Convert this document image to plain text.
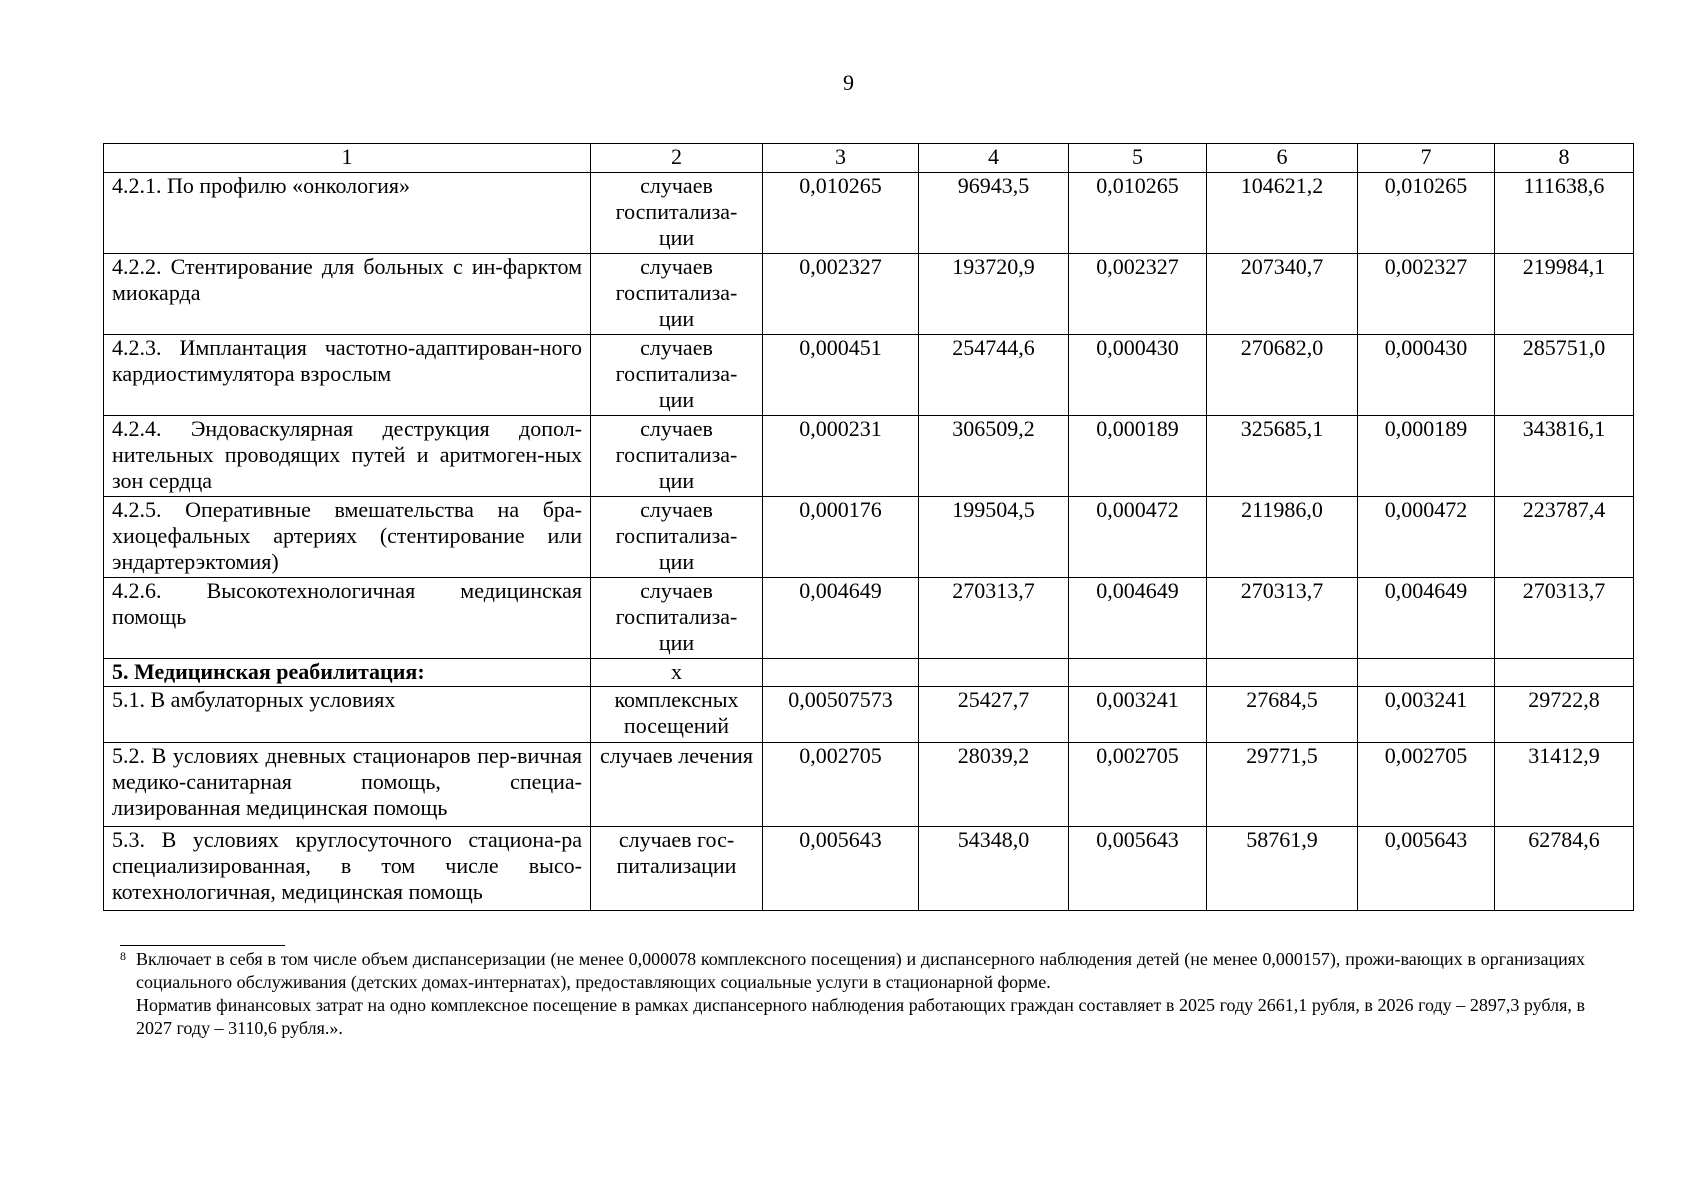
9
1	2	3	4	5	6	7	8
4.2.1. По профилю «онкология»	случаев госпитализа-ции	0,010265	96943,5	0,010265	104621,2	0,010265	111638,6
4.2.2. Стентирование для больных с ин-фарктом миокарда	случаев госпитализа-ции	0,002327	193720,9	0,002327	207340,7	0,002327	219984,1
4.2.3. Имплантация частотно-адаптирован-ного кардиостимулятора взрослым	случаев госпитализа-ции	0,000451	254744,6	0,000430	270682,0	0,000430	285751,0
4.2.4. Эндоваскулярная деструкция допол-нительных проводящих путей и аритмоген-ных зон сердца	случаев госпитализа-ции	0,000231	306509,2	0,000189	325685,1	0,000189	343816,1
4.2.5. Оперативные вмешательства на бра-хиоцефальных артериях (стентирование или эндартерэктомия)	случаев госпитализа-ции	0,000176	199504,5	0,000472	211986,0	0,000472	223787,4
4.2.6. Высокотехнологичная медицинская помощь	случаев госпитализа-ции	0,004649	270313,7	0,004649	270313,7	0,004649	270313,7
5. Медицинская реабилитация:	х						
5.1. В амбулаторных условиях	комплексных посещений	0,00507573	25427,7	0,003241	27684,5	0,003241	29722,8
5.2. В условиях дневных стационаров пер-вичная медико-санитарная помощь, специа-лизированная медицинская помощь	случаев лечения	0,002705	28039,2	0,002705	29771,5	0,002705	31412,9
5.3. В условиях круглосуточного стациона-ра специализированная, в том числе высо-котехнологичная, медицинская помощь	случаев гос-питализации	0,005643	54348,0	0,005643	58761,9	0,005643	62784,6
8 Включает в себя в том числе объем диспансеризации (не менее 0,000078 комплексного посещения) и диспансерного наблюдения детей (не менее 0,000157), прожи-вающих в организациях социального обслуживания (детских домах-интернатах), предоставляющих социальные услуги в стационарной форме.

Норматив финансовых затрат на одно комплексное посещение в рамках диспансерного наблюдения работающих граждан составляет в 2025 году 2661,1 рубля, в 2026 году – 2897,3 рубля, в 2027 году – 3110,6 рубля.».
